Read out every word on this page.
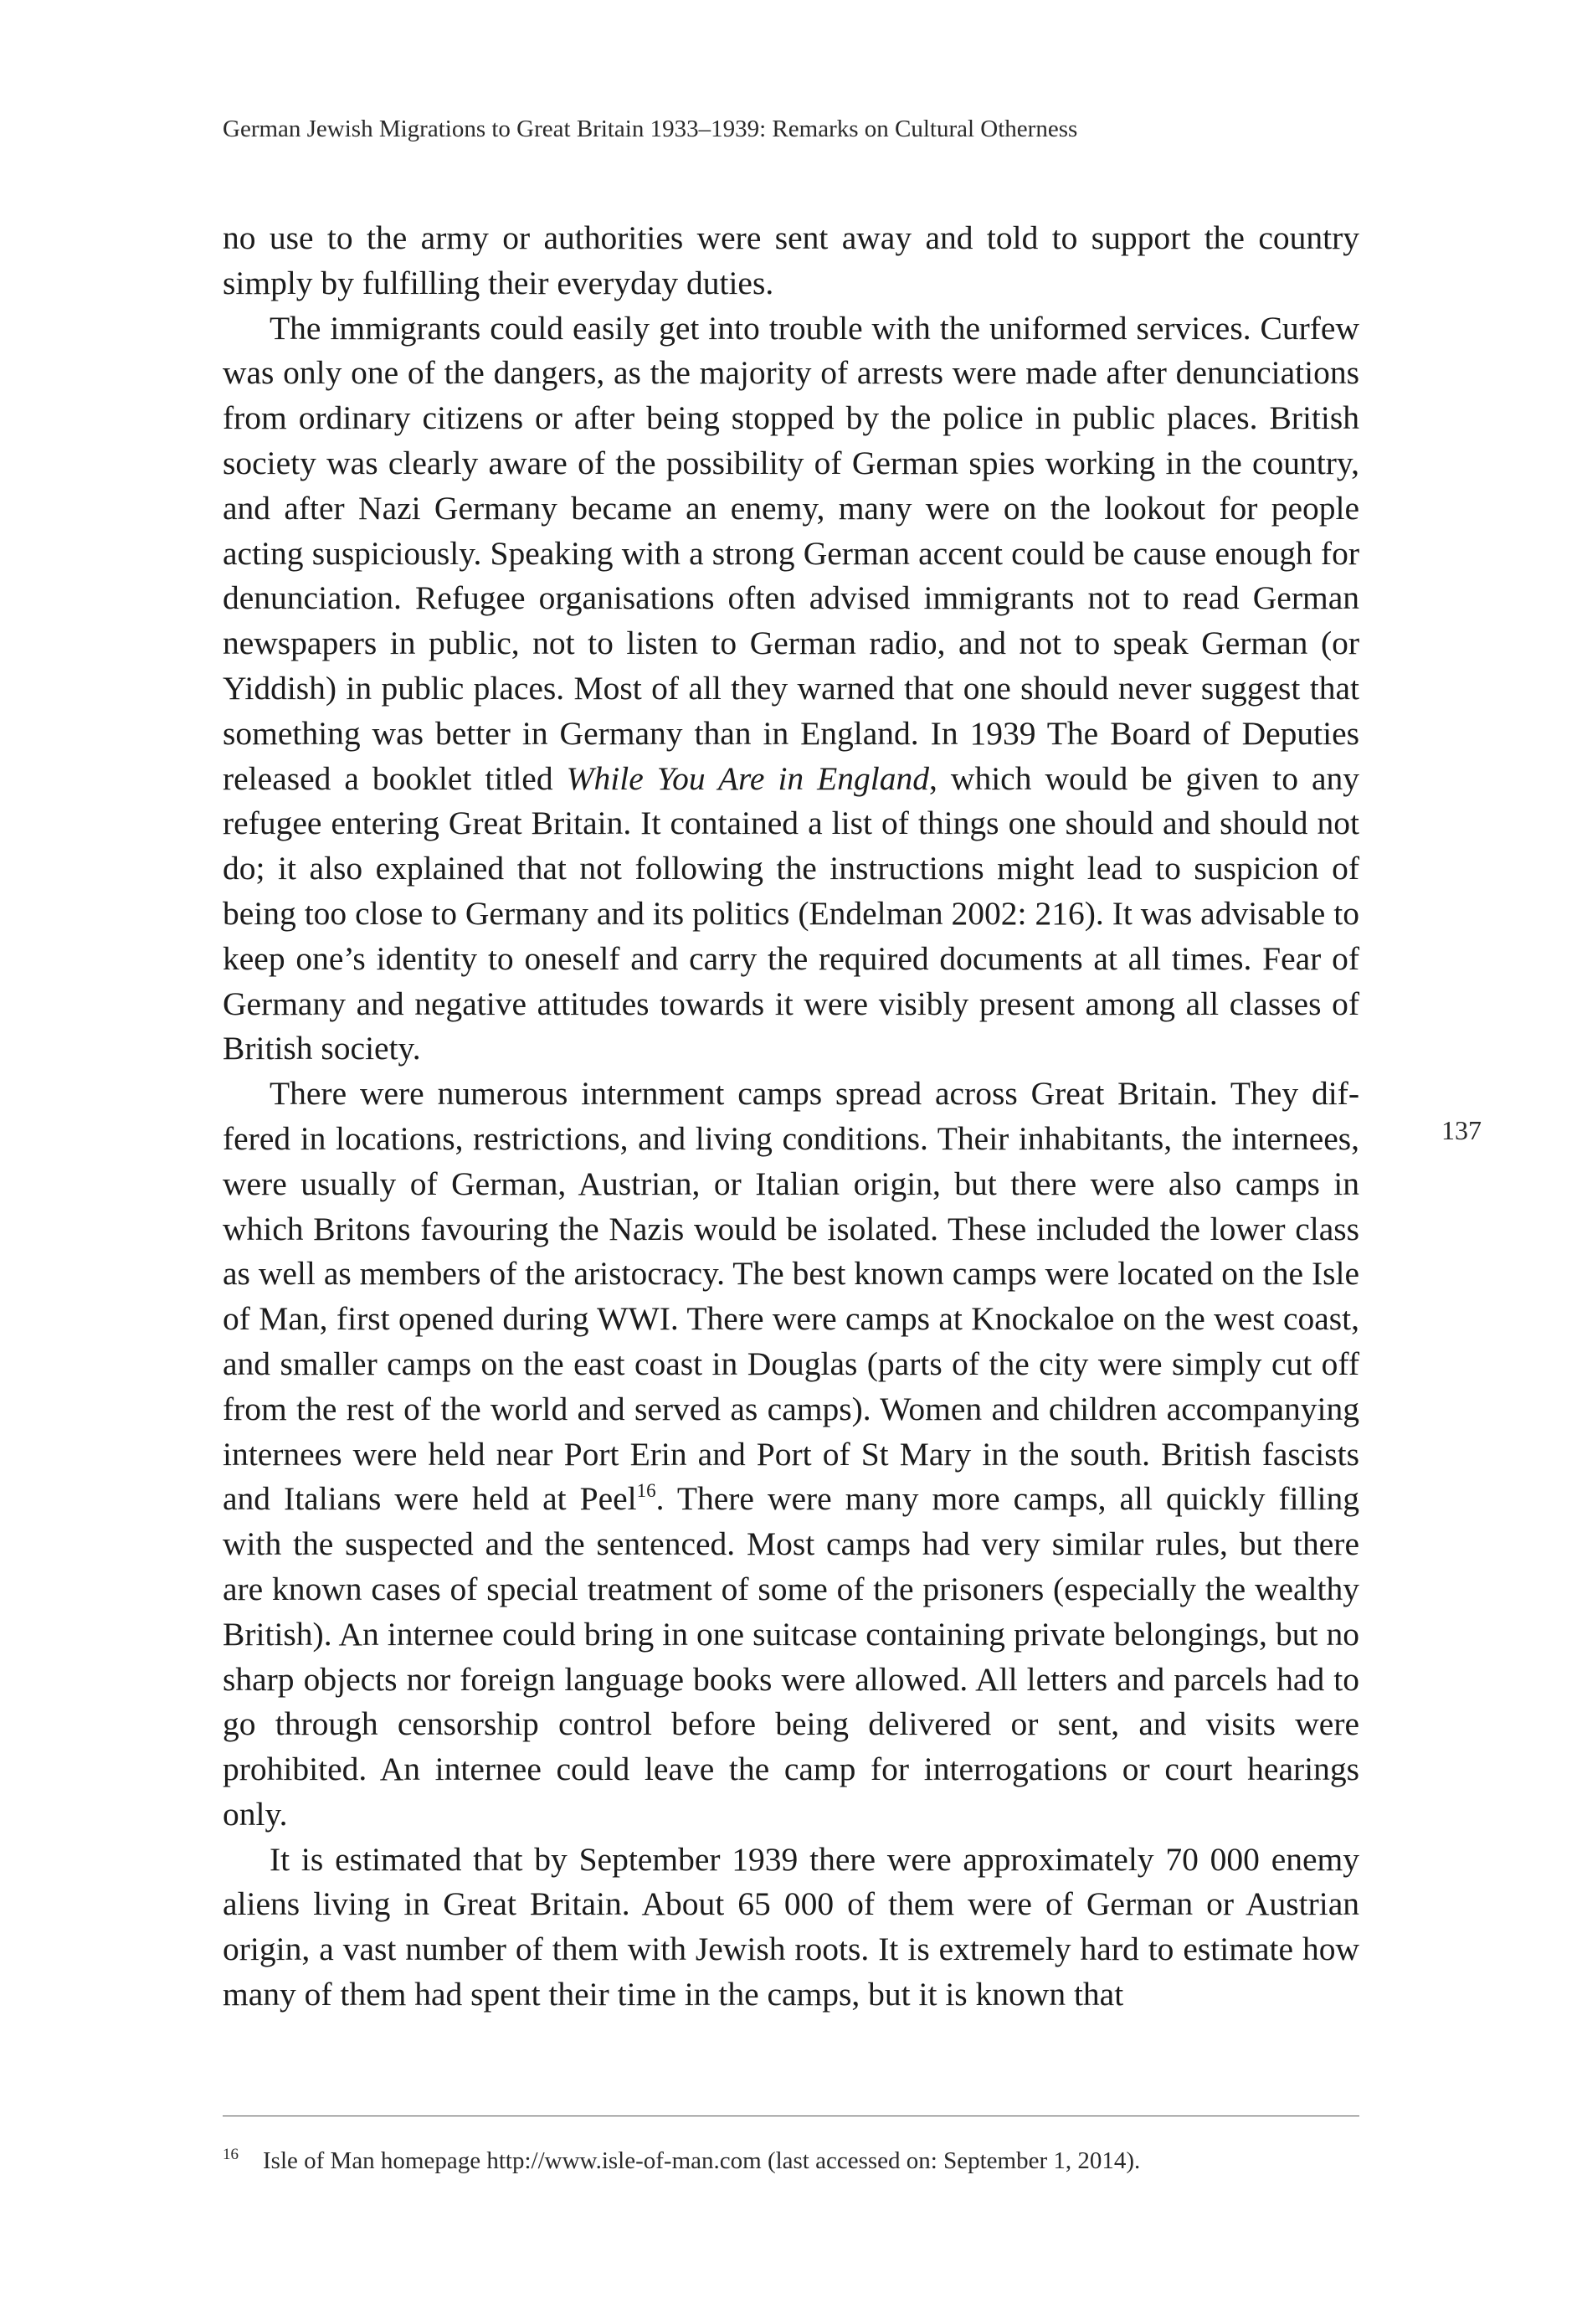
German Jewish Migrations to Great Britain 1933–1939: Remarks on Cultural Otherness

no use to the army or authorities were sent away and told to support the country simply by fulfilling their everyday duties.

The immigrants could easily get into trouble with the uniformed services. Curfew was only one of the dangers, as the majority of arrests were made after denunciations from ordinary citizens or after being stopped by the police in public places. British society was clearly aware of the possibility of German spies working in the country, and after Nazi Germany became an enemy, many were on the lookout for people acting suspiciously. Speaking with a strong German accent could be cause enough for denunciation. Refugee organisations often advised immigrants not to read German newspapers in public, not to listen to German radio, and not to speak German (or Yiddish) in public places. Most of all they warned that one should never suggest that something was better in Germany than in England. In 1939 The Board of Deputies released a booklet titled While You Are in England, which would be given to any refugee entering Great Britain. It contained a list of things one should and should not do; it also explained that not following the instructions might lead to suspicion of being too close to Germany and its politics (Endelman 2002: 216). It was advisable to keep one’s identity to oneself and carry the required documents at all times. Fear of Germany and negative attitudes towards it were visibly present among all classes of British society.

There were numerous internment camps spread across Great Britain. They differed in locations, restrictions, and living conditions. Their inhabitants, the internees, were usually of German, Austrian, or Italian origin, but there were also camps in which Britons favouring the Nazis would be isolated. These included the lower class as well as members of the aristocracy. The best known camps were located on the Isle of Man, first opened during WWI. There were camps at Knockaloe on the west coast, and smaller camps on the east coast in Douglas (parts of the city were simply cut off from the rest of the world and served as camps). Women and children accompanying internees were held near Port Erin and Port of St Mary in the south. British fascists and Italians were held at Peel$^{16}$. There were many more camps, all quickly filling with the suspected and the sentenced. Most camps had very similar rules, but there are known cases of special treatment of some of the prisoners (especially the wealthy British). An internee could bring in one suitcase containing private belongings, but no sharp objects nor foreign language books were allowed. All letters and parcels had to go through censorship control before being delivered or sent, and visits were prohibited. An internee could leave the camp for interrogations or court hearings only.

It is estimated that by September 1939 there were approximately 70 000 enemy aliens living in Great Britain. About 65 000 of them were of German or Austrian origin, a vast number of them with Jewish roots. It is extremely hard to estimate how many of them had spent their time in the camps, but it is known that

137
16 Isle of Man homepage http://www.isle-of-man.com (last accessed on: September 1, 2014).
